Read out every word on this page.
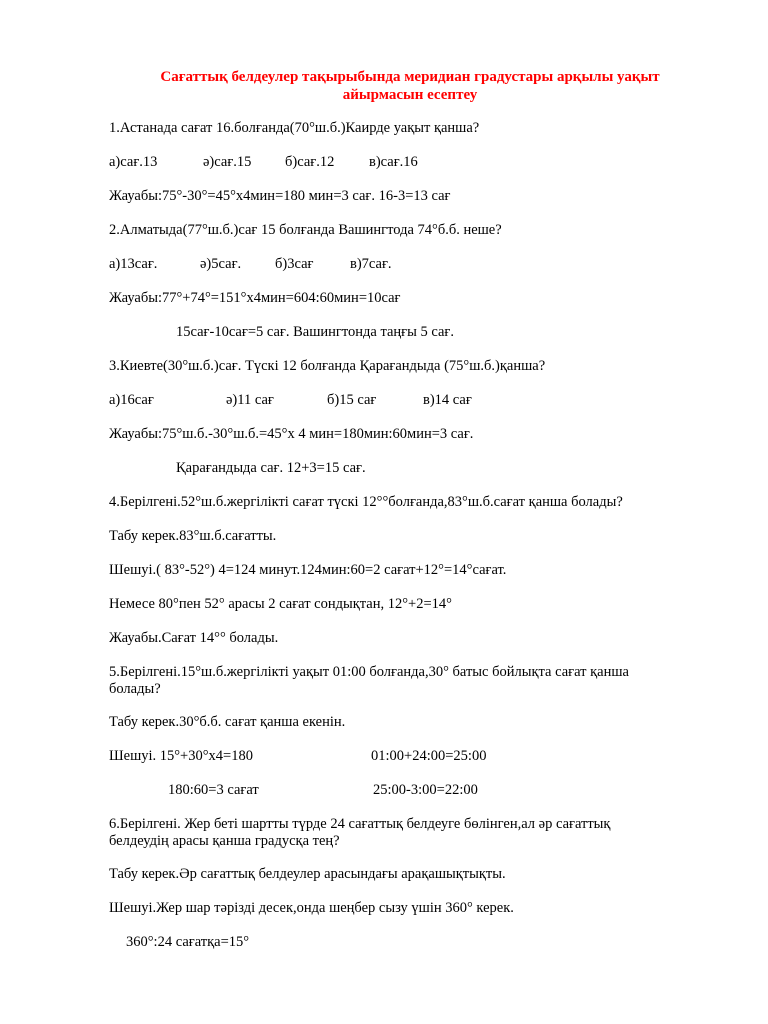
Сағаттық белдеулер тақырыбында меридиан градустары арқылы уақыт айырмасын есептеу
1.Астанада сағат 16.болғанда(70°ш.б.)Каирде уақыт қанша?
а)сағ.13	ә)сағ.15 б)сағ.12 в)сағ.16
Жауабы:75°-30°=45°х4мин=180 мин=3 сағ. 16-3=13 сағ
2.Алматыда(77°ш.б.)сағ 15 болғанда Вашингтода 74°б.б. неше?
а)13сағ.	ә)5сағ. б)3сағ	в)7сағ.
Жауабы:77°+74°=151°х4мин=604:60мин=10сағ
15сағ-10сағ=5 сағ. Вашингтонда таңғы 5 сағ.
3.Киевте(30°ш.б.)сағ. Түскі 12 болғанда Қарағандыда (75°ш.б.)қанша?
а)16сағ	ә)11 сағ	б)15 сағ	в)14 сағ
Жауабы:75°ш.б.-30°ш.б.=45°х 4 мин=180мин:60мин=3 сағ.
Қарағандыда сағ. 12+3=15 сағ.
4.Берілгені.52°ш.б.жергілікті сағат түскі 12°°болғанда,83°ш.б.сағат қанша болады?
Табу керек.83°ш.б.сағатты.
Шешуі.( 83°-52°) 4=124 минут.124мин:60=2 сағат+12°=14°сағат.
Немесе 80°пен 52° арасы 2 сағат сондықтан, 12°+2=14°
Жауабы.Сағат 14°° болады.
5.Берілгені.15°ш.б.жергілікті уақыт 01:00 болғанда,30° батыс бойлықта сағат қанша болады?
Табу керек.30°б.б. сағат қанша екенін.
Шешуі. 15°+30°х4=180	01:00+24:00=25:00
180:60=3 сағат	25:00-3:00=22:00
6.Берілгені. Жер беті шартты түрде 24 сағаттық белдеуге бөлінген,ал әр сағаттық белдеудің арасы қанша градусқа тең?
Табу керек.Әр сағаттық белдеулер арасындағы арақашықтықты.
Шешуі.Жер шар тәрізді десек,онда шеңбер сызу үшін 360° керек.
360°:24 сағатқа=15°
